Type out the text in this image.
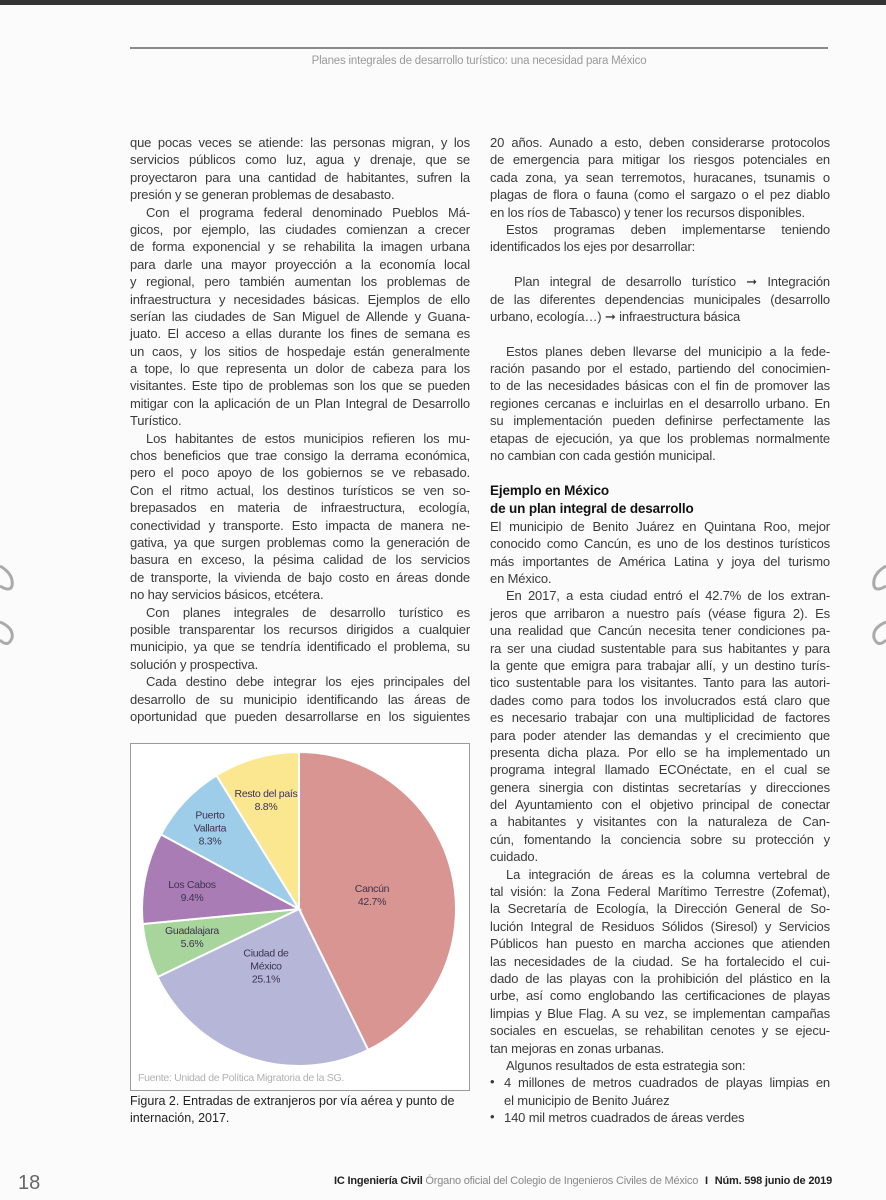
Planes integrales de desarrollo turístico: una necesidad para México
que pocas veces se atiende: las personas migran, y los
servicios públicos como luz, agua y drenaje, que se
proyectaron para una cantidad de habitantes, sufren la
presión y se generan problemas de desabasto.
Con el programa federal denominado Pueblos Má-
gicos, por ejemplo, las ciudades comienzan a crecer
de forma exponencial y se rehabilita la imagen urbana
para darle una mayor proyección a la economía local
y regional, pero también aumentan los problemas de
infraestructura y necesidades básicas. Ejemplos de ello
serían las ciudades de San Miguel de Allende y Guana-
juato. El acceso a ellas durante los fines de semana es
un caos, y los sitios de hospedaje están generalmente
a tope, lo que representa un dolor de cabeza para los
visitantes. Este tipo de problemas son los que se pueden
mitigar con la aplicación de un Plan Integral de Desarrollo
Turístico.
Los habitantes de estos municipios refieren los mu-
chos beneficios que trae consigo la derrama económica,
pero el poco apoyo de los gobiernos se ve rebasado.
Con el ritmo actual, los destinos turísticos se ven so-
brepasados en materia de infraestructura, ecología,
conectividad y transporte. Esto impacta de manera ne-
gativa, ya que surgen problemas como la generación de
basura en exceso, la pésima calidad de los servicios
de transporte, la vivienda de bajo costo en áreas donde
no hay servicios básicos, etcétera.
Con planes integrales de desarrollo turístico es
posible transparentar los recursos dirigidos a cualquier
municipio, ya que se tendría identificado el problema, su
solución y prospectiva.
Cada destino debe integrar los ejes principales del
desarrollo de su municipio identificando las áreas de
oportunidad que pueden desarrollarse en los siguientes
20 años. Aunado a esto, deben considerarse protocolos
de emergencia para mitigar los riesgos potenciales en
cada zona, ya sean terremotos, huracanes, tsunamis o
plagas de flora o fauna (como el sargazo o el pez diablo
en los ríos de Tabasco) y tener los recursos disponibles.
Estos programas deben implementarse teniendo
identificados los ejes por desarrollar:
Plan integral de desarrollo turístico ➞ Integración
de las diferentes dependencias municipales (desarrollo
urbano, ecología…) ➞ infraestructura básica
Estos planes deben llevarse del municipio a la fede-
ración pasando por el estado, partiendo del conocimien-
to de las necesidades básicas con el fin de promover las
regiones cercanas e incluirlas en el desarrollo urbano. En
su implementación pueden definirse perfectamente las
etapas de ejecución, ya que los problemas normalmente
no cambian con cada gestión municipal.
Ejemplo en México
de un plan integral de desarrollo
El municipio de Benito Juárez en Quintana Roo, mejor
conocido como Cancún, es uno de los destinos turísticos
más importantes de América Latina y joya del turismo
en México.
En 2017, a esta ciudad entró el 42.7% de los extran-
jeros que arribaron a nuestro país (véase figura 2). Es
una realidad que Cancún necesita tener condiciones pa-
ra ser una ciudad sustentable para sus habitantes y para
la gente que emigra para trabajar allí, y un destino turís-
tico sustentable para los visitantes. Tanto para las autori-
dades como para todos los involucrados está claro que
es necesario trabajar con una multiplicidad de factores
para poder atender las demandas y el crecimiento que
presenta dicha plaza. Por ello se ha implementado un
programa integral llamado ECOnéctate, en el cual se
genera sinergia con distintas secretarías y direcciones
del Ayuntamiento con el objetivo principal de conectar
a habitantes y visitantes con la naturaleza de Can-
cún, fomentando la conciencia sobre su protección y
cuidado.
La integración de áreas es la columna vertebral de
tal visión: la Zona Federal Marítimo Terrestre (Zofemat),
la Secretaría de Ecología, la Dirección General de So-
lución Integral de Residuos Sólidos (Siresol) y Servicios
Públicos han puesto en marcha acciones que atienden
las necesidades de la ciudad. Se ha fortalecido el cui-
dado de las playas con la prohibición del plástico en la
urbe, así como englobando las certificaciones de playas
limpias y Blue Flag. A su vez, se implementan campañas
sociales en escuelas, se rehabilitan cenotes y se ejecu-
tan mejoras en zonas urbanas.
Algunos resultados de esta estrategia son:
• 4 millones de metros cuadrados de playas limpias en
el municipio de Benito Juárez
• 140 mil metros cuadrados de áreas verdes
Cancún
42.7%
Ciudad de
México
25.1%
Guadalajara
5.6%
Los Cabos
9.4%
Puerto
Vallarta
8.3%
Resto del país
8.8%
Fuente: Unidad de Política Migratoria de la SG.
Figura 2. Entradas de extranjeros por vía aérea y punto de internación, 2017.
18	IC Ingeniería Civil Órgano oficial del Colegio de Ingenieros Civiles de México I Núm. 598 junio de 2019
